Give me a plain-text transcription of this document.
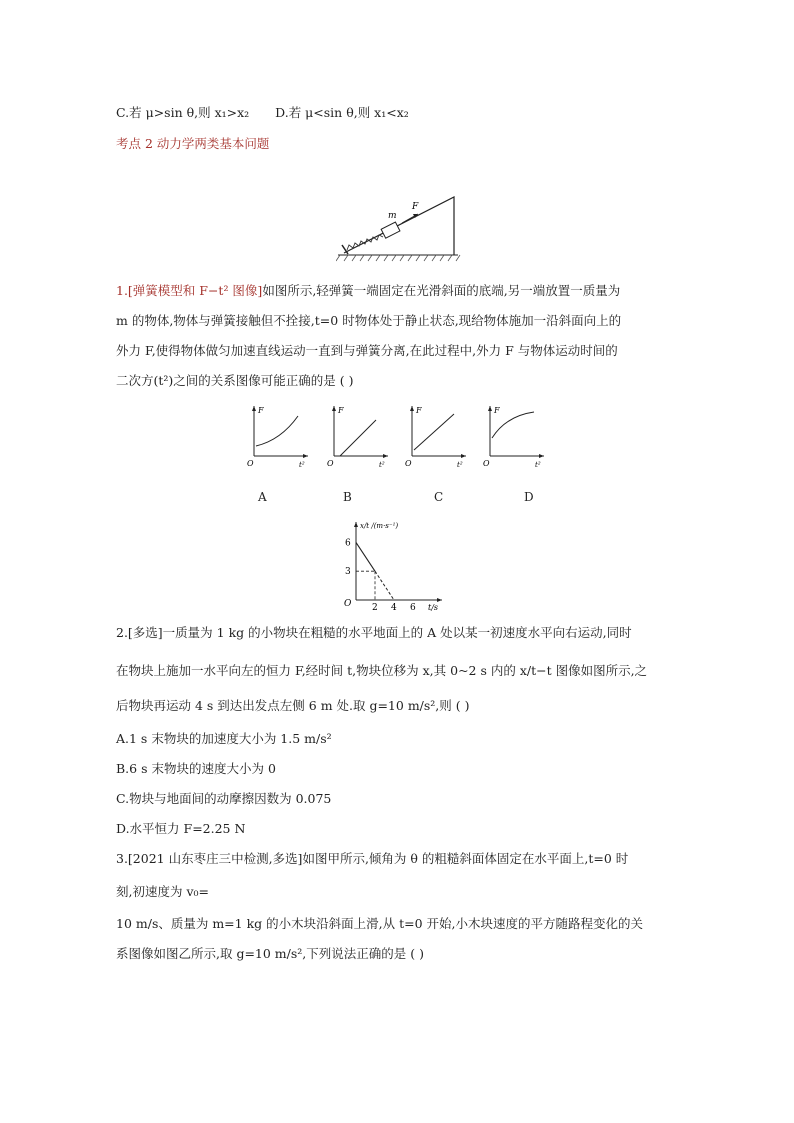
C.若 μ>sin θ,则 x₁>x₂ D.若 μ<sin θ,则 x₁<x₂
考点 2 动力学两类基本问题
m
F
1.[弹簧模型和 F−t² 图像]如图所示,轻弹簧一端固定在光滑斜面的底端,另一端放置一质量为
m 的物体,物体与弹簧接触但不拴接,t=0 时物体处于静止状态,现给物体施加一沿斜面向上的
外力 F,使得物体做匀加速直线运动一直到与弹簧分离,在此过程中,外力 F 与物体运动时间的
二次方(t²)之间的关系图像可能正确的是 ( )
F
O	t²
A
F
O	t²
B
F
O	t²
C
F
O	t²
D
6
3
2 4 6
O
x/t /(m·s⁻¹)
t/s
2.[多选]一质量为 1 kg 的小物块在粗糙的水平地面上的 A 处以某一初速度水平向右运动,同时
在物块上施加一水平向左的恒力 F,经时间 t,物块位移为 x,其 0~2 s 内的 x/t−t 图像如图所示,之
后物块再运动 4 s 到达出发点左侧 6 m 处.取 g=10 m/s²,则 ( )
A.1 s 末物块的加速度大小为 1.5 m/s²
B.6 s 末物块的速度大小为 0
C.物块与地面间的动摩擦因数为 0.075
D.水平恒力 F=2.25 N
3.[2021 山东枣庄三中检测,多选]如图甲所示,倾角为 θ 的粗糙斜面体固定在水平面上,t=0 时
刻,初速度为 v₀=
10 m/s、质量为 m=1 kg 的小木块沿斜面上滑,从 t=0 开始,小木块速度的平方随路程变化的关
系图像如图乙所示,取 g=10 m/s²,下列说法正确的是 ( )
